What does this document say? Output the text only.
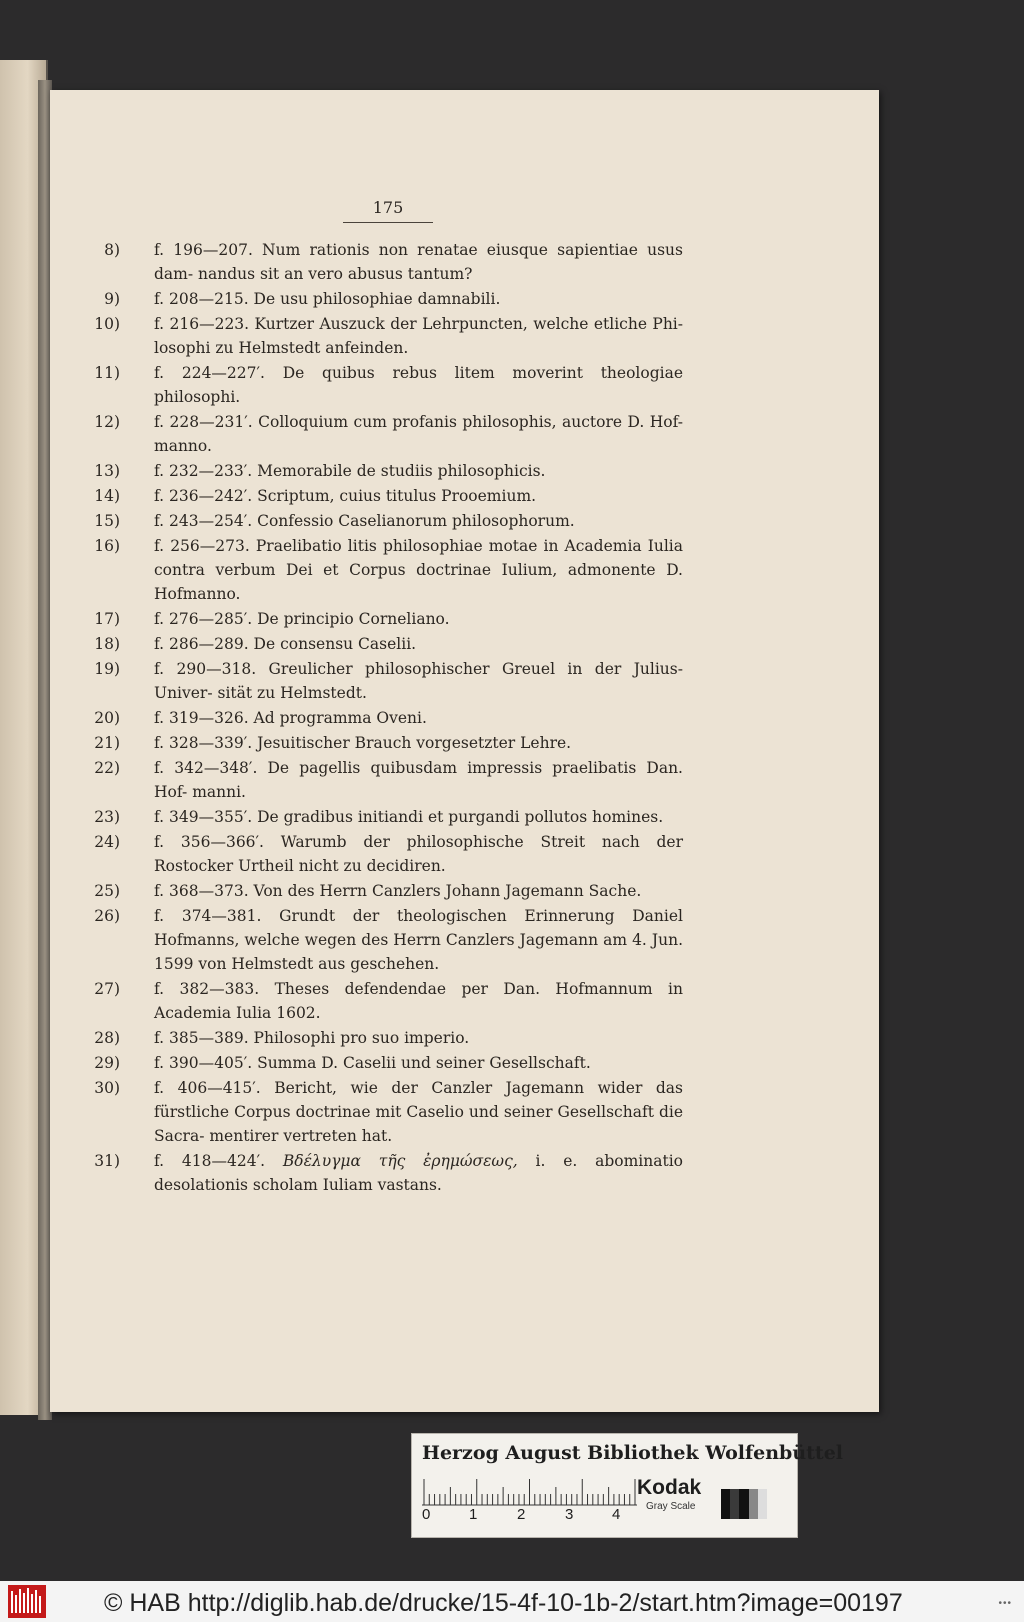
175
8) f. 196—207. Num rationis non renatae eiusque sapientiae usus dam- nandus sit an vero abusus tantum?
9) f. 208—215. De usu philosophiae damnabili.
10) f. 216—223. Kurtzer Auszuck der Lehrpuncten, welche etliche Phi- losophi zu Helmstedt anfeinden.
11) f. 224—227′. De quibus rebus litem moverint theologiae philosophi.
12) f. 228—231′. Colloquium cum profanis philosophis, auctore D. Hof- manno.
13) f. 232—233′. Memorabile de studiis philosophicis.
14) f. 236—242′. Scriptum, cuius titulus Prooemium.
15) f. 243—254′. Confessio Caselianorum philosophorum.
16) f. 256—273. Praelibatio litis philosophiae motae in Academia Iulia contra verbum Dei et Corpus doctrinae Iulium, admonente D. Hofmanno.
17) f. 276—285′. De principio Corneliano.
18) f. 286—289. De consensu Caselii.
19) f. 290—318. Greulicher philosophischer Greuel in der Julius-Univer- sität zu Helmstedt.
20) f. 319—326. Ad programma Oveni.
21) f. 328—339′. Jesuitischer Brauch vorgesetzter Lehre.
22) f. 342—348′. De pagellis quibusdam impressis praelibatis Dan. Hof- manni.
23) f. 349—355′. De gradibus initiandi et purgandi pollutos homines.
24) f. 356—366′. Warumb der philosophische Streit nach der Rostocker Urtheil nicht zu decidiren.
25) f. 368—373. Von des Herrn Canzlers Johann Jagemann Sache.
26) f. 374—381. Grundt der theologischen Erinnerung Daniel Hofmanns, welche wegen des Herrn Canzlers Jagemann am 4. Jun. 1599 von Helmstedt aus geschehen.
27) f. 382—383. Theses defendendae per Dan. Hofmannum in Academia Iulia 1602.
28) f. 385—389. Philosophi pro suo imperio.
29) f. 390—405′. Summa D. Caselii und seiner Gesellschaft.
30) f. 406—415′. Bericht, wie der Canzler Jagemann wider das fürstliche Corpus doctrinae mit Caselio und seiner Gesellschaft die Sacra- mentirer vertreten hat.
31) f. 418—424′. Βδέλυγμα τῆς ἐρημώσεως, i. e. abominatio desolationis scholam Iuliam vastans.
Herzog August Bibliothek Wolfenbüttel
0	1	2	3	4
Kodak
Gray Scale
© HAB http://diglib.hab.de/drucke/15-4f-10-1b-2/start.htm?image=00197	•••
